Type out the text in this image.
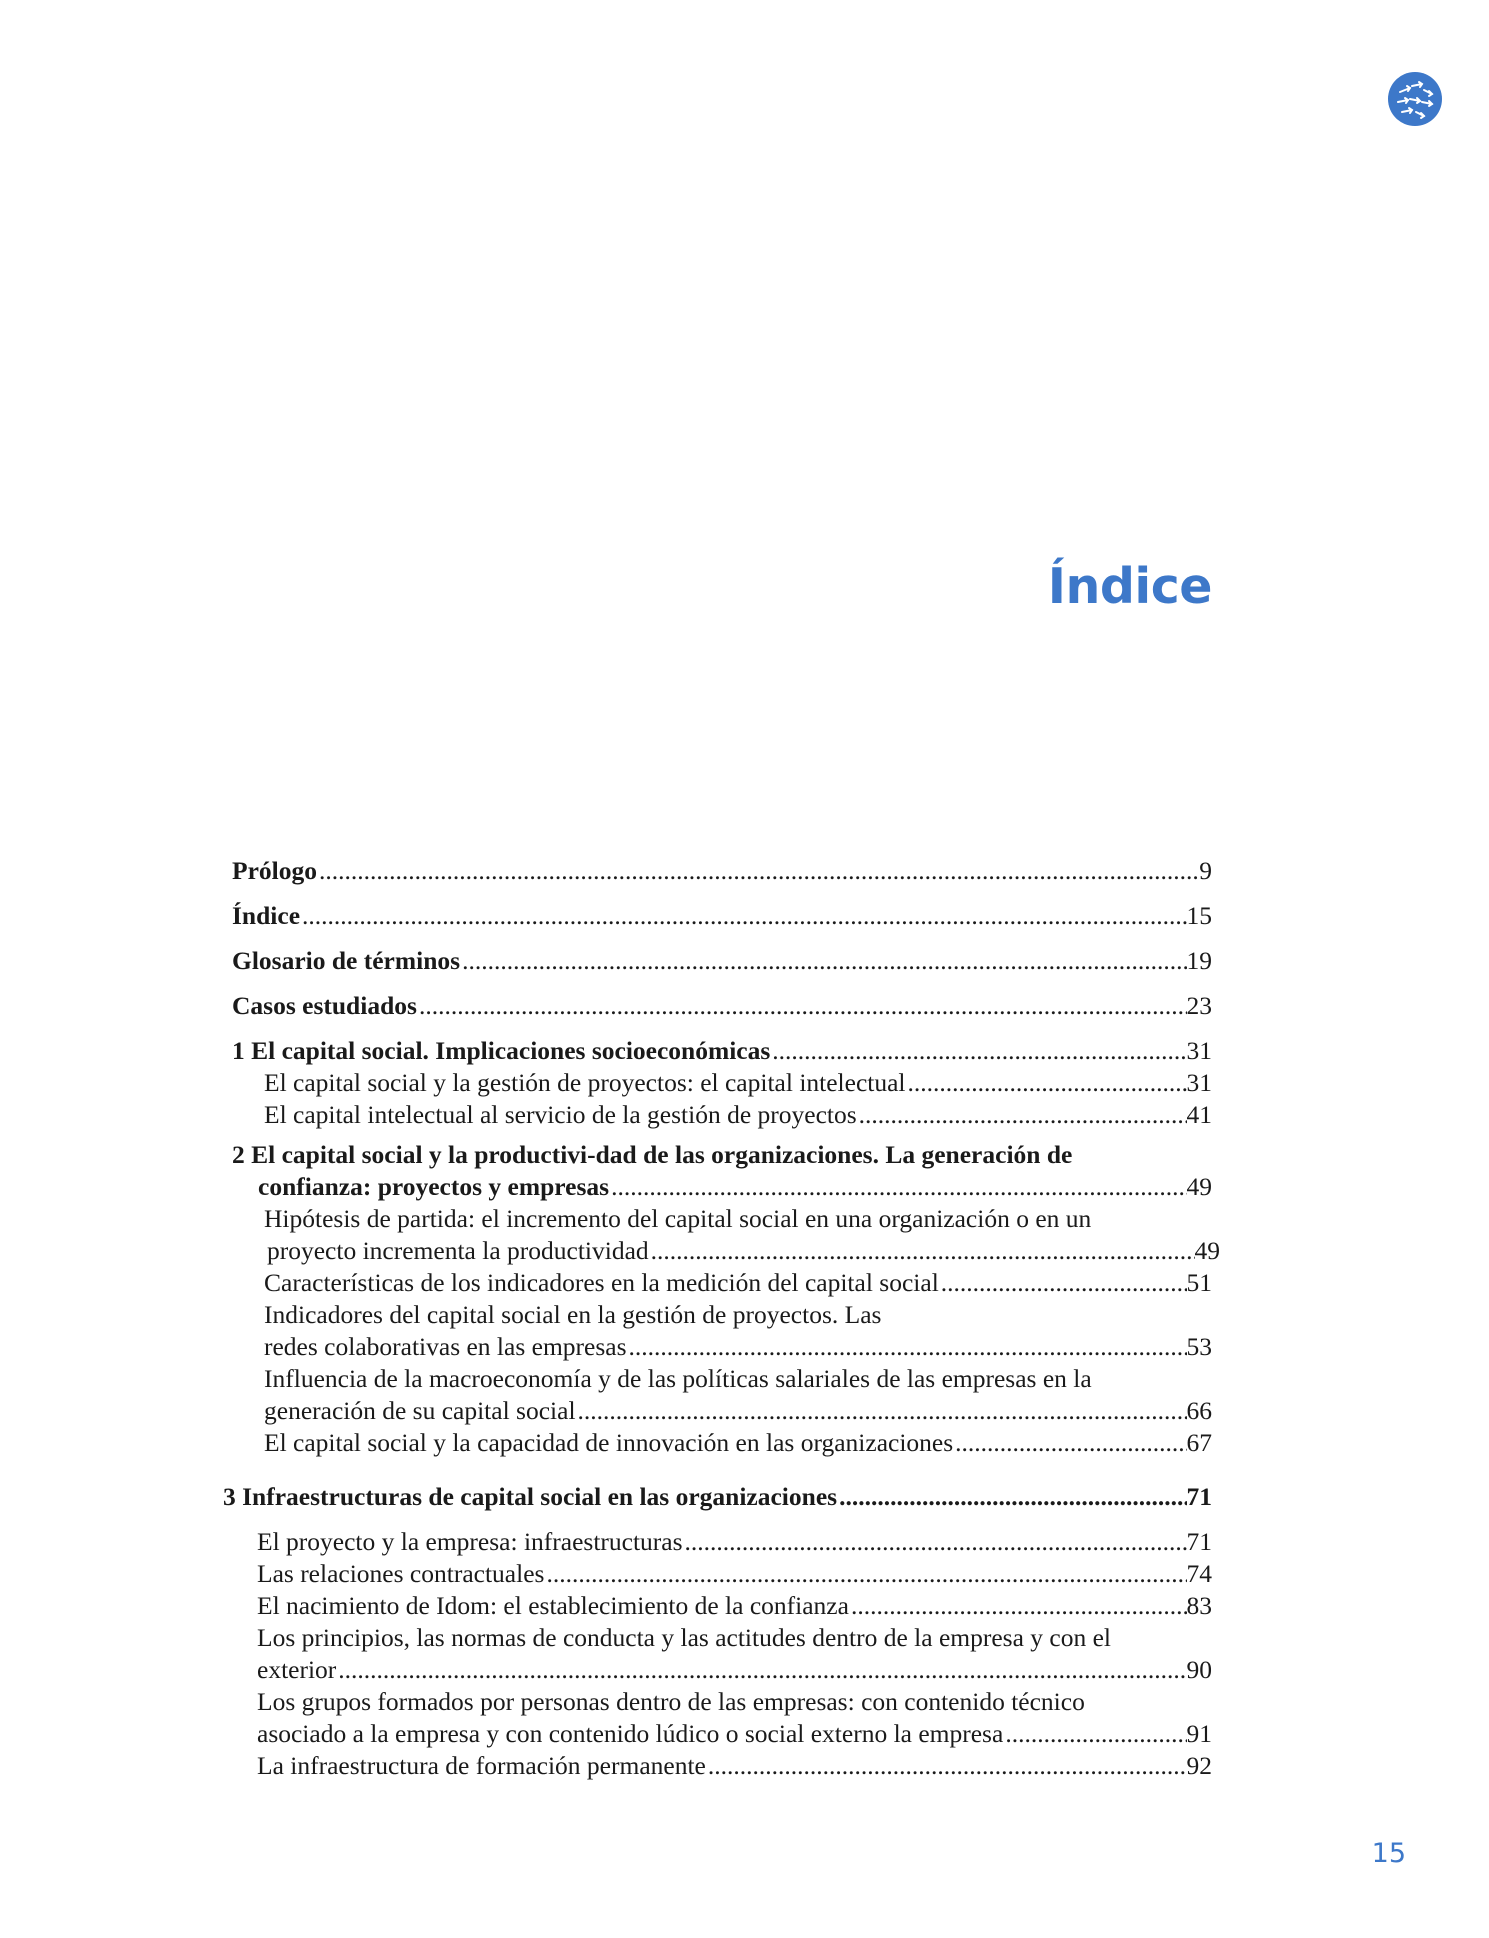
Índice
Prólogo .....	9
Índice .....	15
Glosario de términos .....	19
Casos estudiados .....	23
1 El capital social. Implicaciones socioeconómicas .....	31
El capital social y la gestión de proyectos: el capital intelectual .....	31
El capital intelectual al servicio de la gestión de proyectos .....	41
2 El capital social y la productivi-dad de las organizaciones. La generación de
confianza: proyectos y empresas .....	49
Hipótesis de partida: el incremento del capital social en una organización o en un
proyecto incrementa la productividad .....	49
Características de los indicadores en la medición del capital social .....	51
Indicadores del capital social en la gestión de proyectos. Las
redes colaborativas en las empresas .....	53
Influencia de la macroeconomía y de las políticas salariales de las empresas en la
generación de su capital social .....	66
El capital social y la capacidad de innovación en las organizaciones .....	67
3 Infraestructuras de capital social en las organizaciones .....	71
El proyecto y la empresa: infraestructuras .....	71
Las relaciones contractuales .....	74
El nacimiento de Idom: el establecimiento de la confianza .....	83
Los principios, las normas de conducta y las actitudes dentro de la empresa y con el
exterior .....	90
Los grupos formados por personas dentro de las empresas: con contenido técnico
asociado a la empresa y con contenido lúdico o social externo la empresa .....	91
La infraestructura de formación permanente .....	92
15
